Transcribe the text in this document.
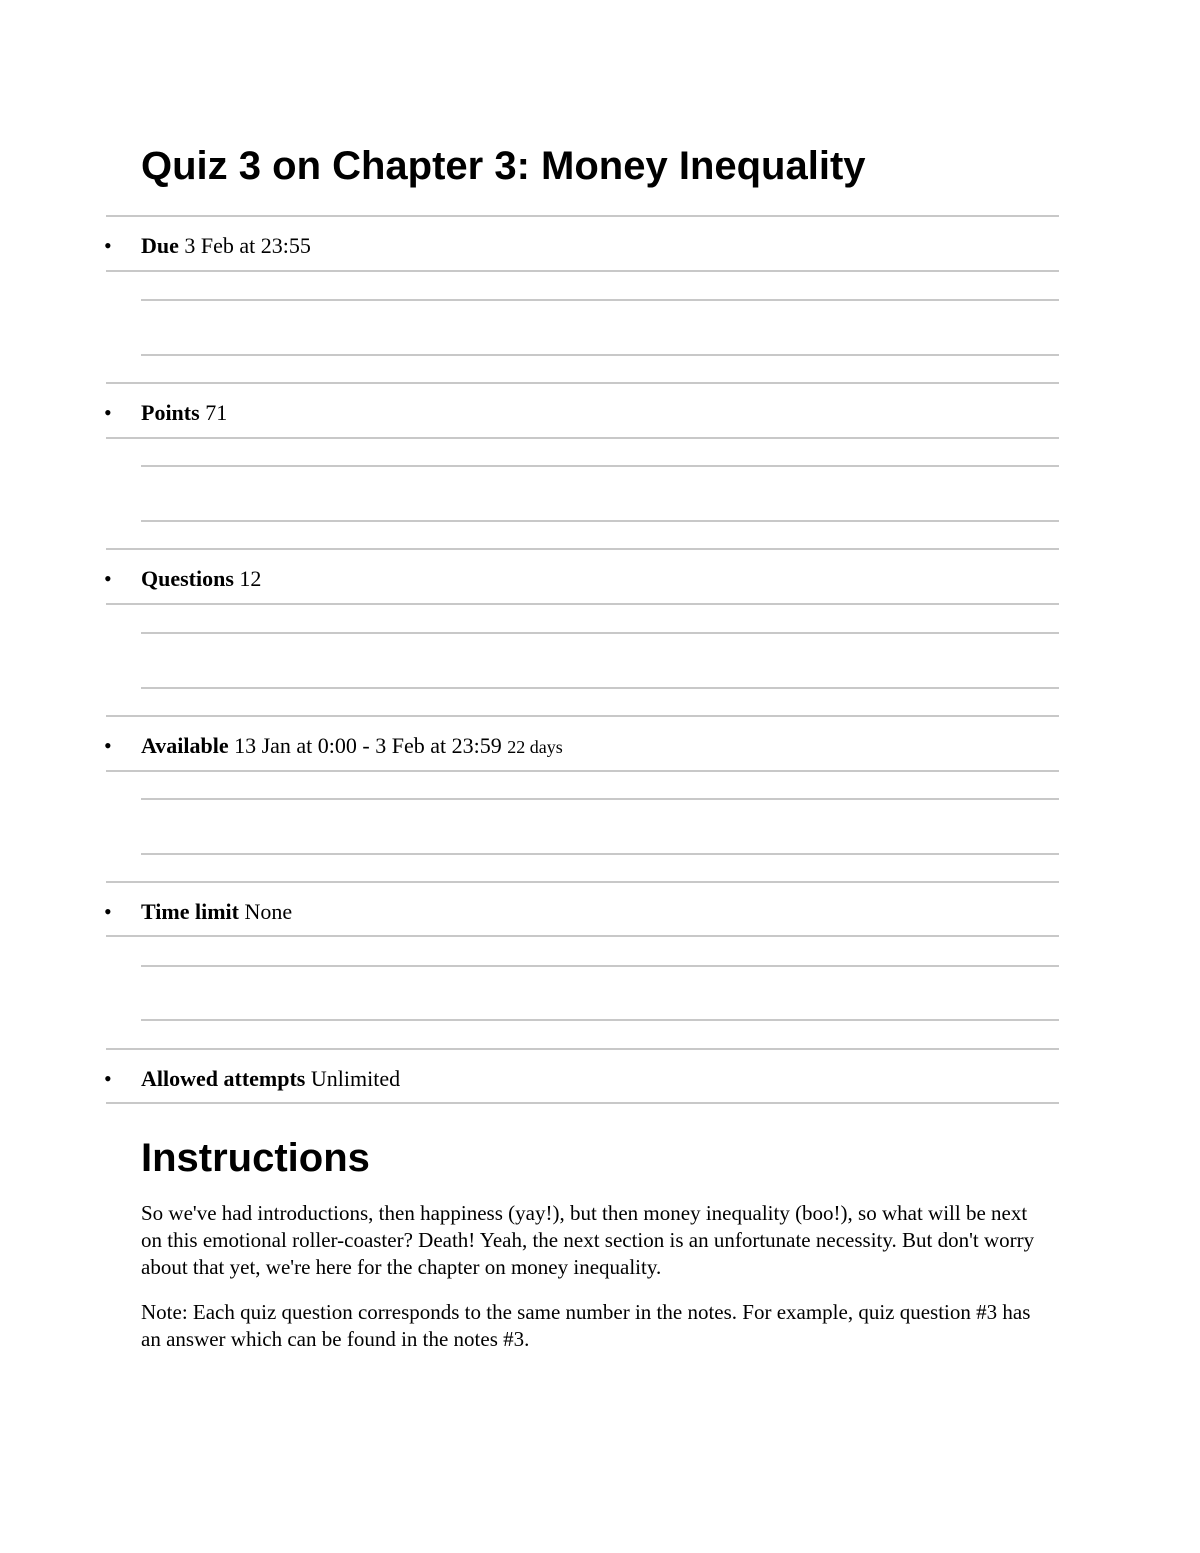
Quiz 3 on Chapter 3: Money Inequality
• Due 3 Feb at 23:55
• Points 71
• Questions 12
• Available 13 Jan at 0:00 - 3 Feb at 23:59 22 days
• Time limit None
• Allowed attempts Unlimited
Instructions

So we've had introductions, then happiness (yay!), but then money inequality (boo!), so what will be next on this emotional roller-coaster? Death! Yeah, the next section is an unfortunate necessity. But don't worry about that yet, we're here for the chapter on money inequality.

Note: Each quiz question corresponds to the same number in the notes. For example, quiz question #3 has an answer which can be found in the notes #3.
